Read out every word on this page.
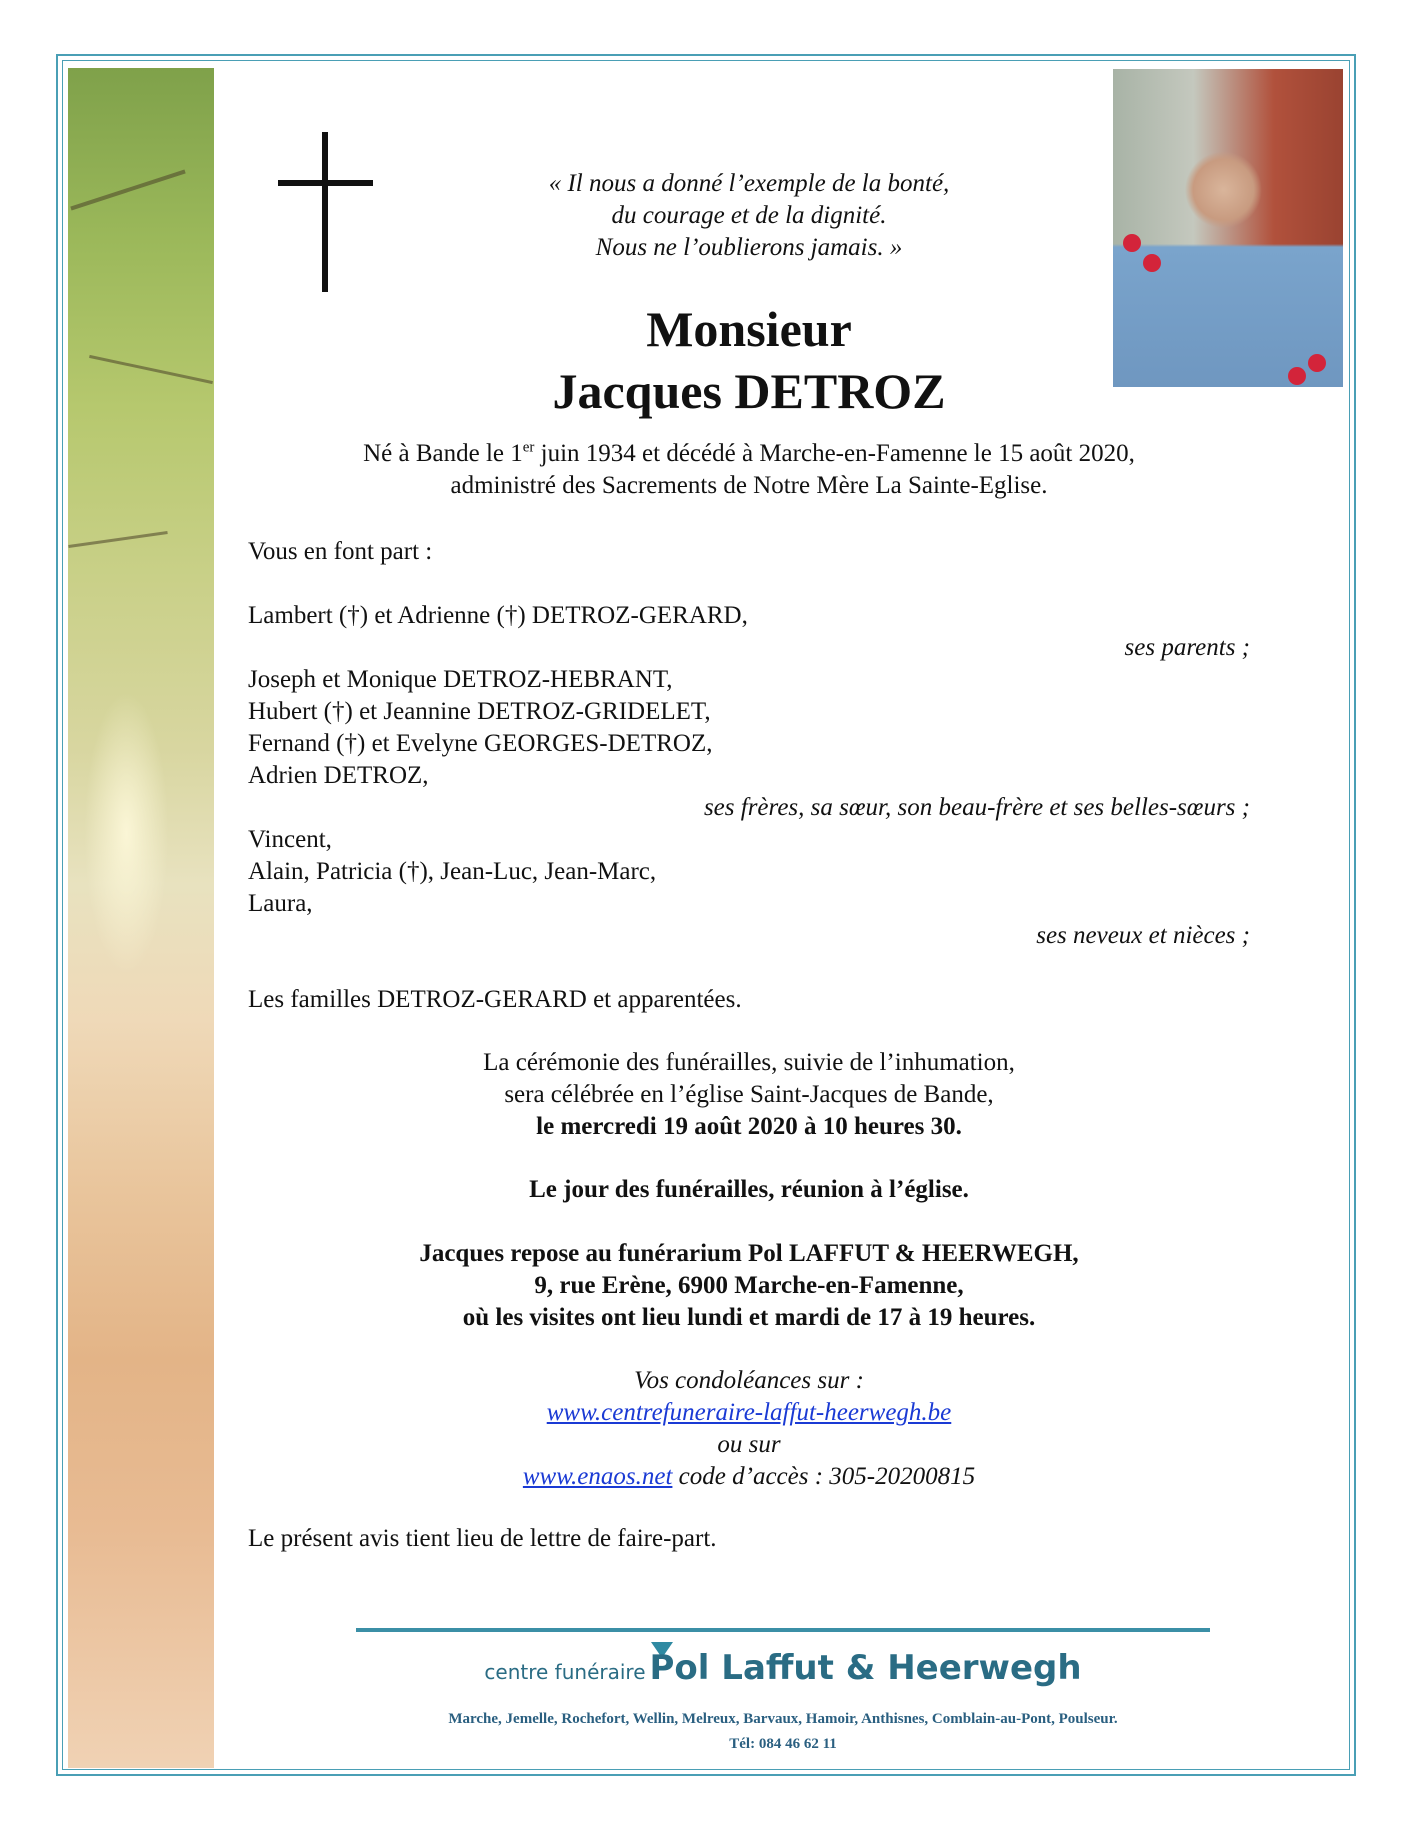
« Il nous a donné l’exemple de la bonté,
du courage et de la dignité.
Nous ne l’oublierons jamais. »
Monsieur
Jacques DETROZ
Né à Bande le 1er juin 1934 et décédé à Marche-en-Famenne le 15 août 2020,
administré des Sacrements de Notre Mère La Sainte-Eglise.
Vous en font part :
Lambert (†) et Adrienne (†) DETROZ-GERARD,
ses parents ;
Joseph et Monique DETROZ-HEBRANT,
Hubert (†) et Jeannine DETROZ-GRIDELET,
Fernand (†) et Evelyne GEORGES-DETROZ,
Adrien DETROZ,
ses frères, sa sœur, son beau-frère et ses belles-sœurs ;
Vincent,
Alain, Patricia (†), Jean-Luc, Jean-Marc,
Laura,
ses neveux et nièces ;
Les familles DETROZ-GERARD et apparentées.
La cérémonie des funérailles, suivie de l’inhumation,
sera célébrée en l’église Saint-Jacques de Bande,
le mercredi 19 août 2020 à 10 heures 30.
Le jour des funérailles, réunion à l’église.
Jacques repose au funérarium Pol LAFFUT & HEERWEGH,
9, rue Erène, 6900 Marche-en-Famenne,
où les visites ont lieu lundi et mardi de 17 à 19 heures.
Vos condoléances sur :
www.centrefuneraire-laffut-heerwegh.be
ou sur
www.enaos.net code d’accès : 305-20200815
Le présent avis tient lieu de lettre de faire-part.
centre funéraire Pol Laffut & Heerwegh
Marche, Jemelle, Rochefort, Wellin, Melreux, Barvaux, Hamoir, Anthisnes, Comblain-au-Pont, Poulseur.
Tél: 084 46 62 11
